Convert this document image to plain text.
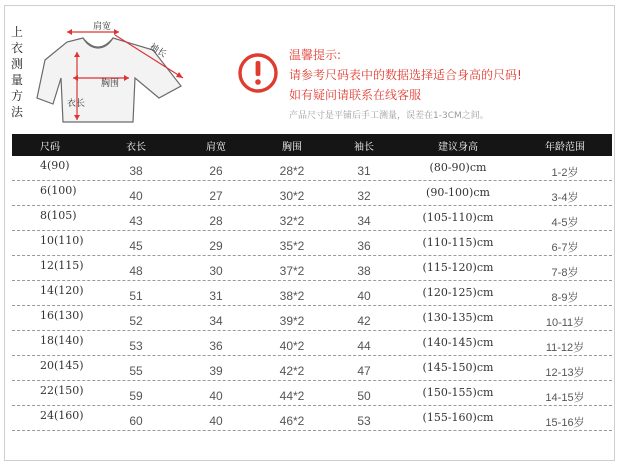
上
衣
测
量
方
法
肩宽
袖长
胸围
衣长
温馨提示:
请参考尺码表中的数据选择适合身高的尺码!
如有疑问请联系在线客服
产品尺寸是平铺后手工测量，误差在1-3CM之间。
尺码	衣长	肩宽	胸围	袖长	建议身高	年龄范围
4(90)	38	26	28*2	31	(80-90)cm	1-2岁
6(100)	40	27	30*2	32	(90-100)cm	3-4岁
8(105)	43	28	32*2	34	(105-110)cm	4-5岁
10(110)	45	29	35*2	36	(110-115)cm	6-7岁
12(115)	48	30	37*2	38	(115-120)cm	7-8岁
14(120)	51	31	38*2	40	(120-125)cm	8-9岁
16(130)	52	34	39*2	42	(130-135)cm	10-11岁
18(140)	53	36	40*2	44	(140-145)cm	11-12岁
20(145)	55	39	42*2	47	(145-150)cm	12-13岁
22(150)	59	40	44*2	50	(150-155)cm	14-15岁
24(160)	60	40	46*2	53	(155-160)cm	15-16岁
